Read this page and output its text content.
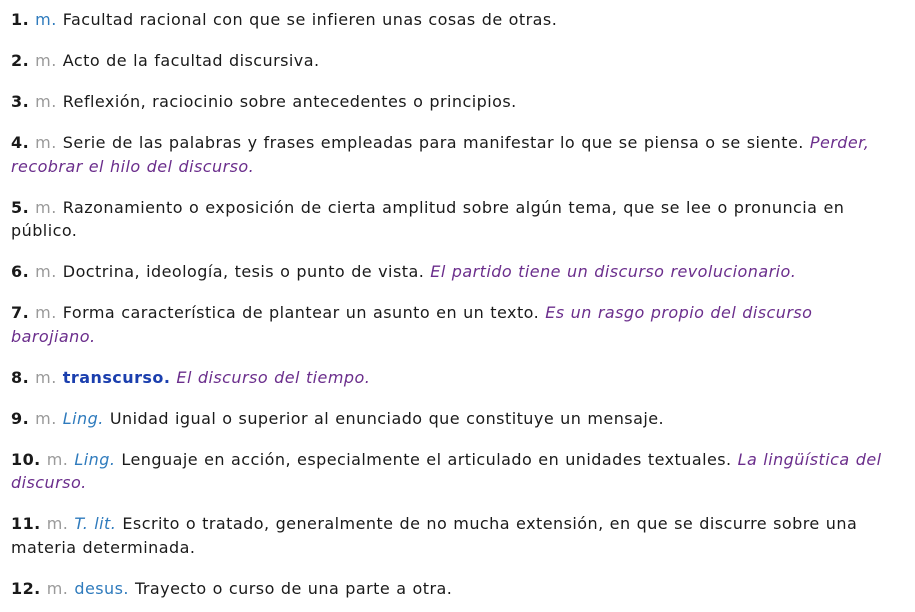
1. m. Facultad racional con que se infieren unas cosas de otras.

2. m. Acto de la facultad discursiva.

3. m. Reflexión, raciocinio sobre antecedentes o principios.

4. m. Serie de las palabras y frases empleadas para manifestar lo que se piensa o se siente. Perder, recobrar el hilo del discurso.

5. m. Razonamiento o exposición de cierta amplitud sobre algún tema, que se lee o pronuncia en público.

6. m. Doctrina, ideología, tesis o punto de vista. El partido tiene un discurso revolucionario.

7. m. Forma característica de plantear un asunto en un texto. Es un rasgo propio del discurso barojiano.

8. m. transcurso. El discurso del tiempo.

9. m. Ling. Unidad igual o superior al enunciado que constituye un mensaje.

10. m. Ling. Lenguaje en acción, especialmente el articulado en unidades textuales. La lingüística del discurso.

11. m. T. lit. Escrito o tratado, generalmente de no mucha extensión, en que se discurre sobre una materia determinada.

12. m. desus. Trayecto o curso de una parte a otra.
